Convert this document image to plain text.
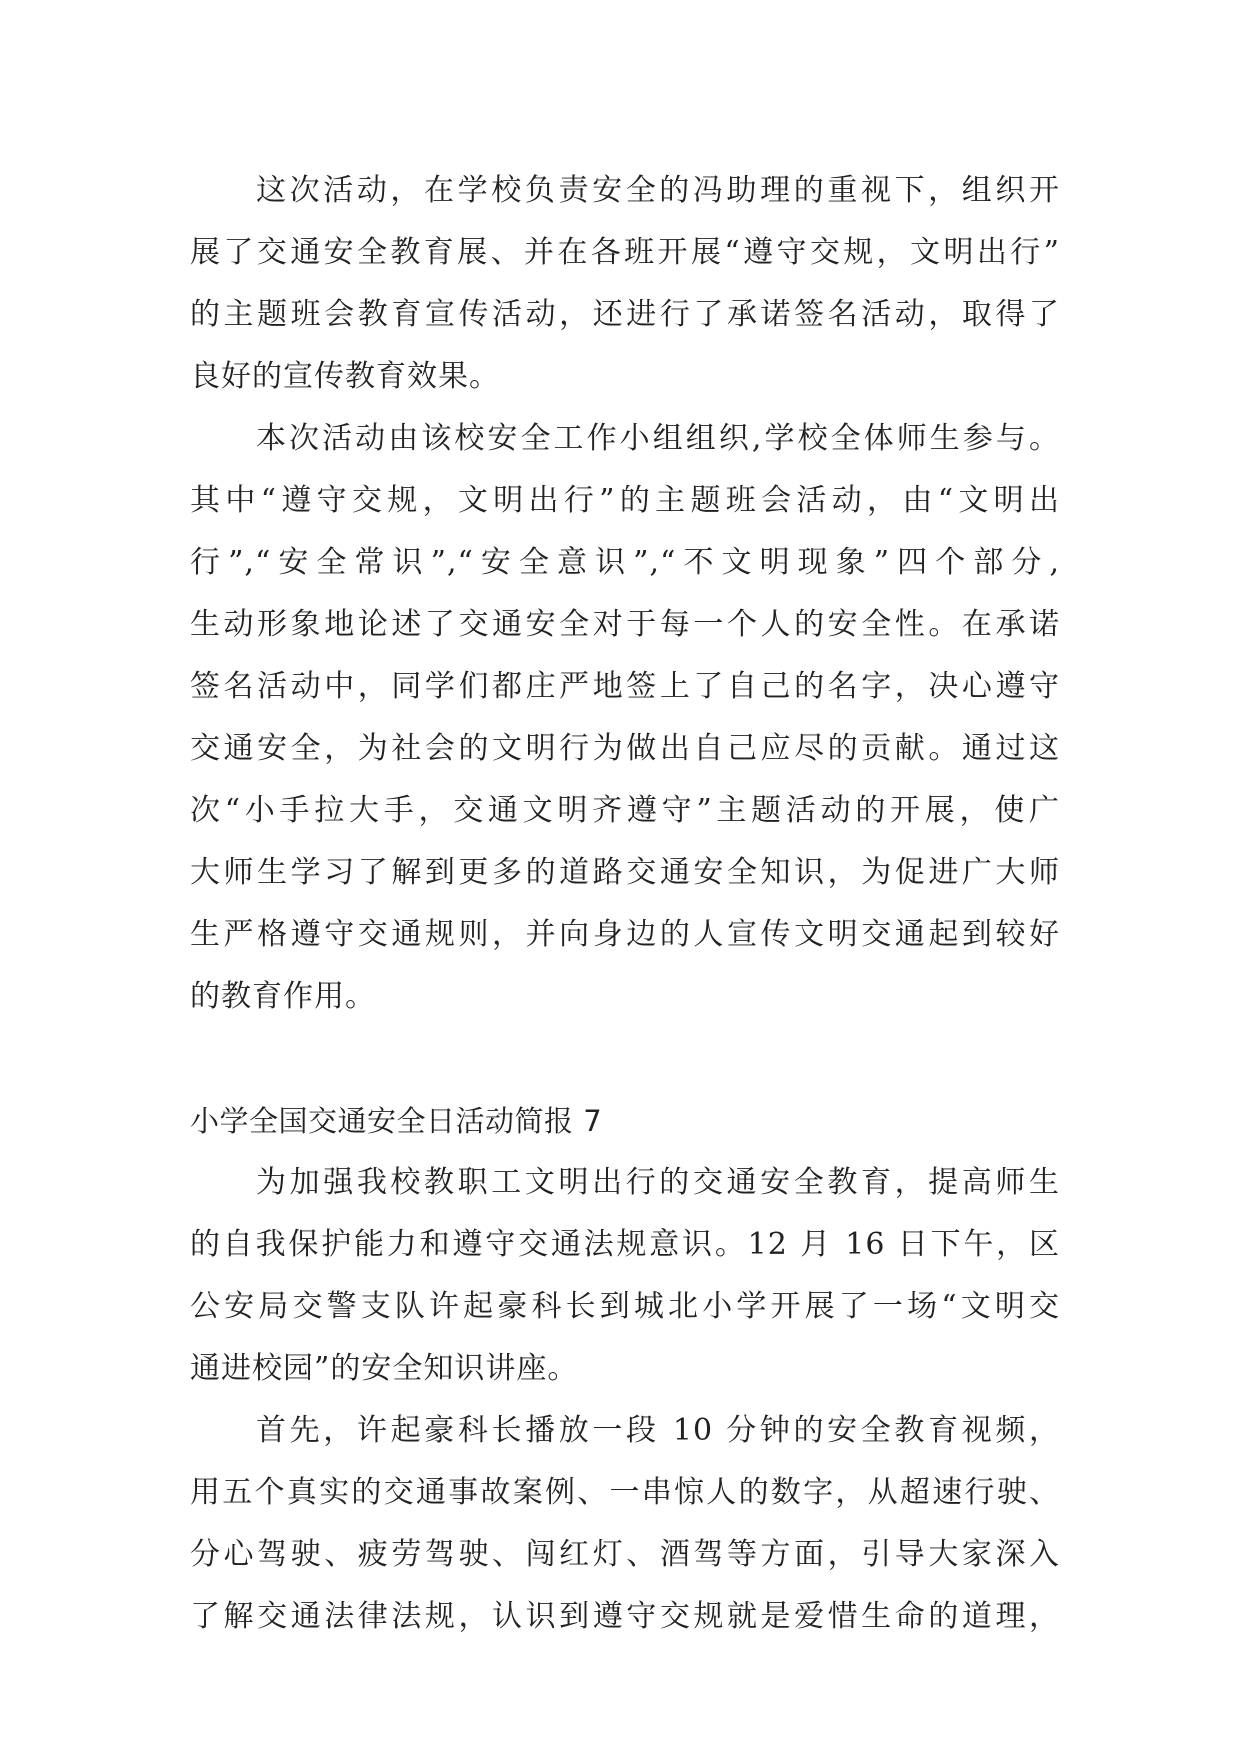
这次活动，在学校负责安全的冯助理的重视下，组织开
展了交通安全教育展、并在各班开展“遵守交规，文明出行”
的主题班会教育宣传活动，还进行了承诺签名活动，取得了
良好的宣传教育效果。
本次活动由该校安全工作小组组织,学校全体师生参与。
其中“遵守交规，文明出行”的主题班会活动，由“文明出
行”,“安全常识”,“安全意识”,“不文明现象”四个部分,
生动形象地论述了交通安全对于每一个人的安全性。在承诺
签名活动中，同学们都庄严地签上了自己的名字，决心遵守
交通安全，为社会的文明行为做出自己应尽的贡献。通过这
次“小手拉大手，交通文明齐遵守”主题活动的开展，使广
大师生学习了解到更多的道路交通安全知识，为促进广大师
生严格遵守交通规则，并向身边的人宣传文明交通起到较好
的教育作用。
小学全国交通安全日活动简报 7
为加强我校教职工文明出行的交通安全教育，提高师生
的自我保护能力和遵守交通法规意识。12 月 16 日下午，区
公安局交警支队许起豪科长到城北小学开展了一场“文明交
通进校园”的安全知识讲座。
首先，许起豪科长播放一段 10 分钟的安全教育视频，
用五个真实的交通事故案例、一串惊人的数字，从超速行驶、
分心驾驶、疲劳驾驶、闯红灯、酒驾等方面，引导大家深入
了解交通法律法规，认识到遵守交规就是爱惜生命的道理，
